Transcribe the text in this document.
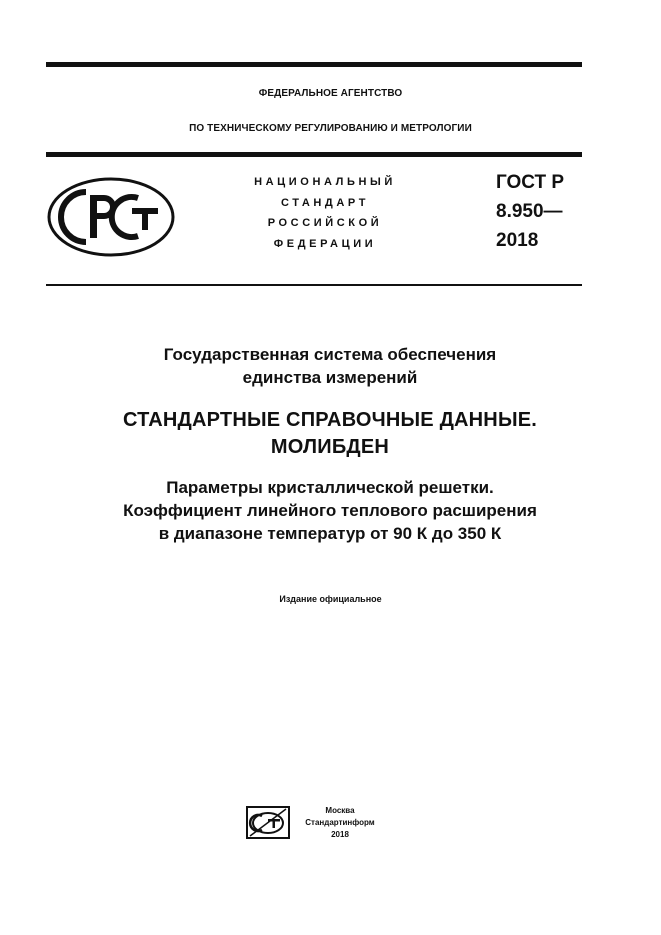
ФЕДЕРАЛЬНОЕ АГЕНТСТВО
ПО ТЕХНИЧЕСКОМУ РЕГУЛИРОВАНИЮ И МЕТРОЛОГИИ
НАЦИОНАЛЬНЫЙ
СТАНДАРТ
РОССИЙСКОЙ
ФЕДЕРАЦИИ
ГОСТ Р
8.950—
2018
Государственная система обеспечения
единства измерений
СТАНДАРТНЫЕ СПРАВОЧНЫЕ ДАННЫЕ.
МОЛИБДЕН
Параметры кристаллической решетки.
Коэффициент линейного теплового расширения
в диапазоне температур от 90 К до 350 К
Издание официальное
Москва
Стандартинформ
2018
